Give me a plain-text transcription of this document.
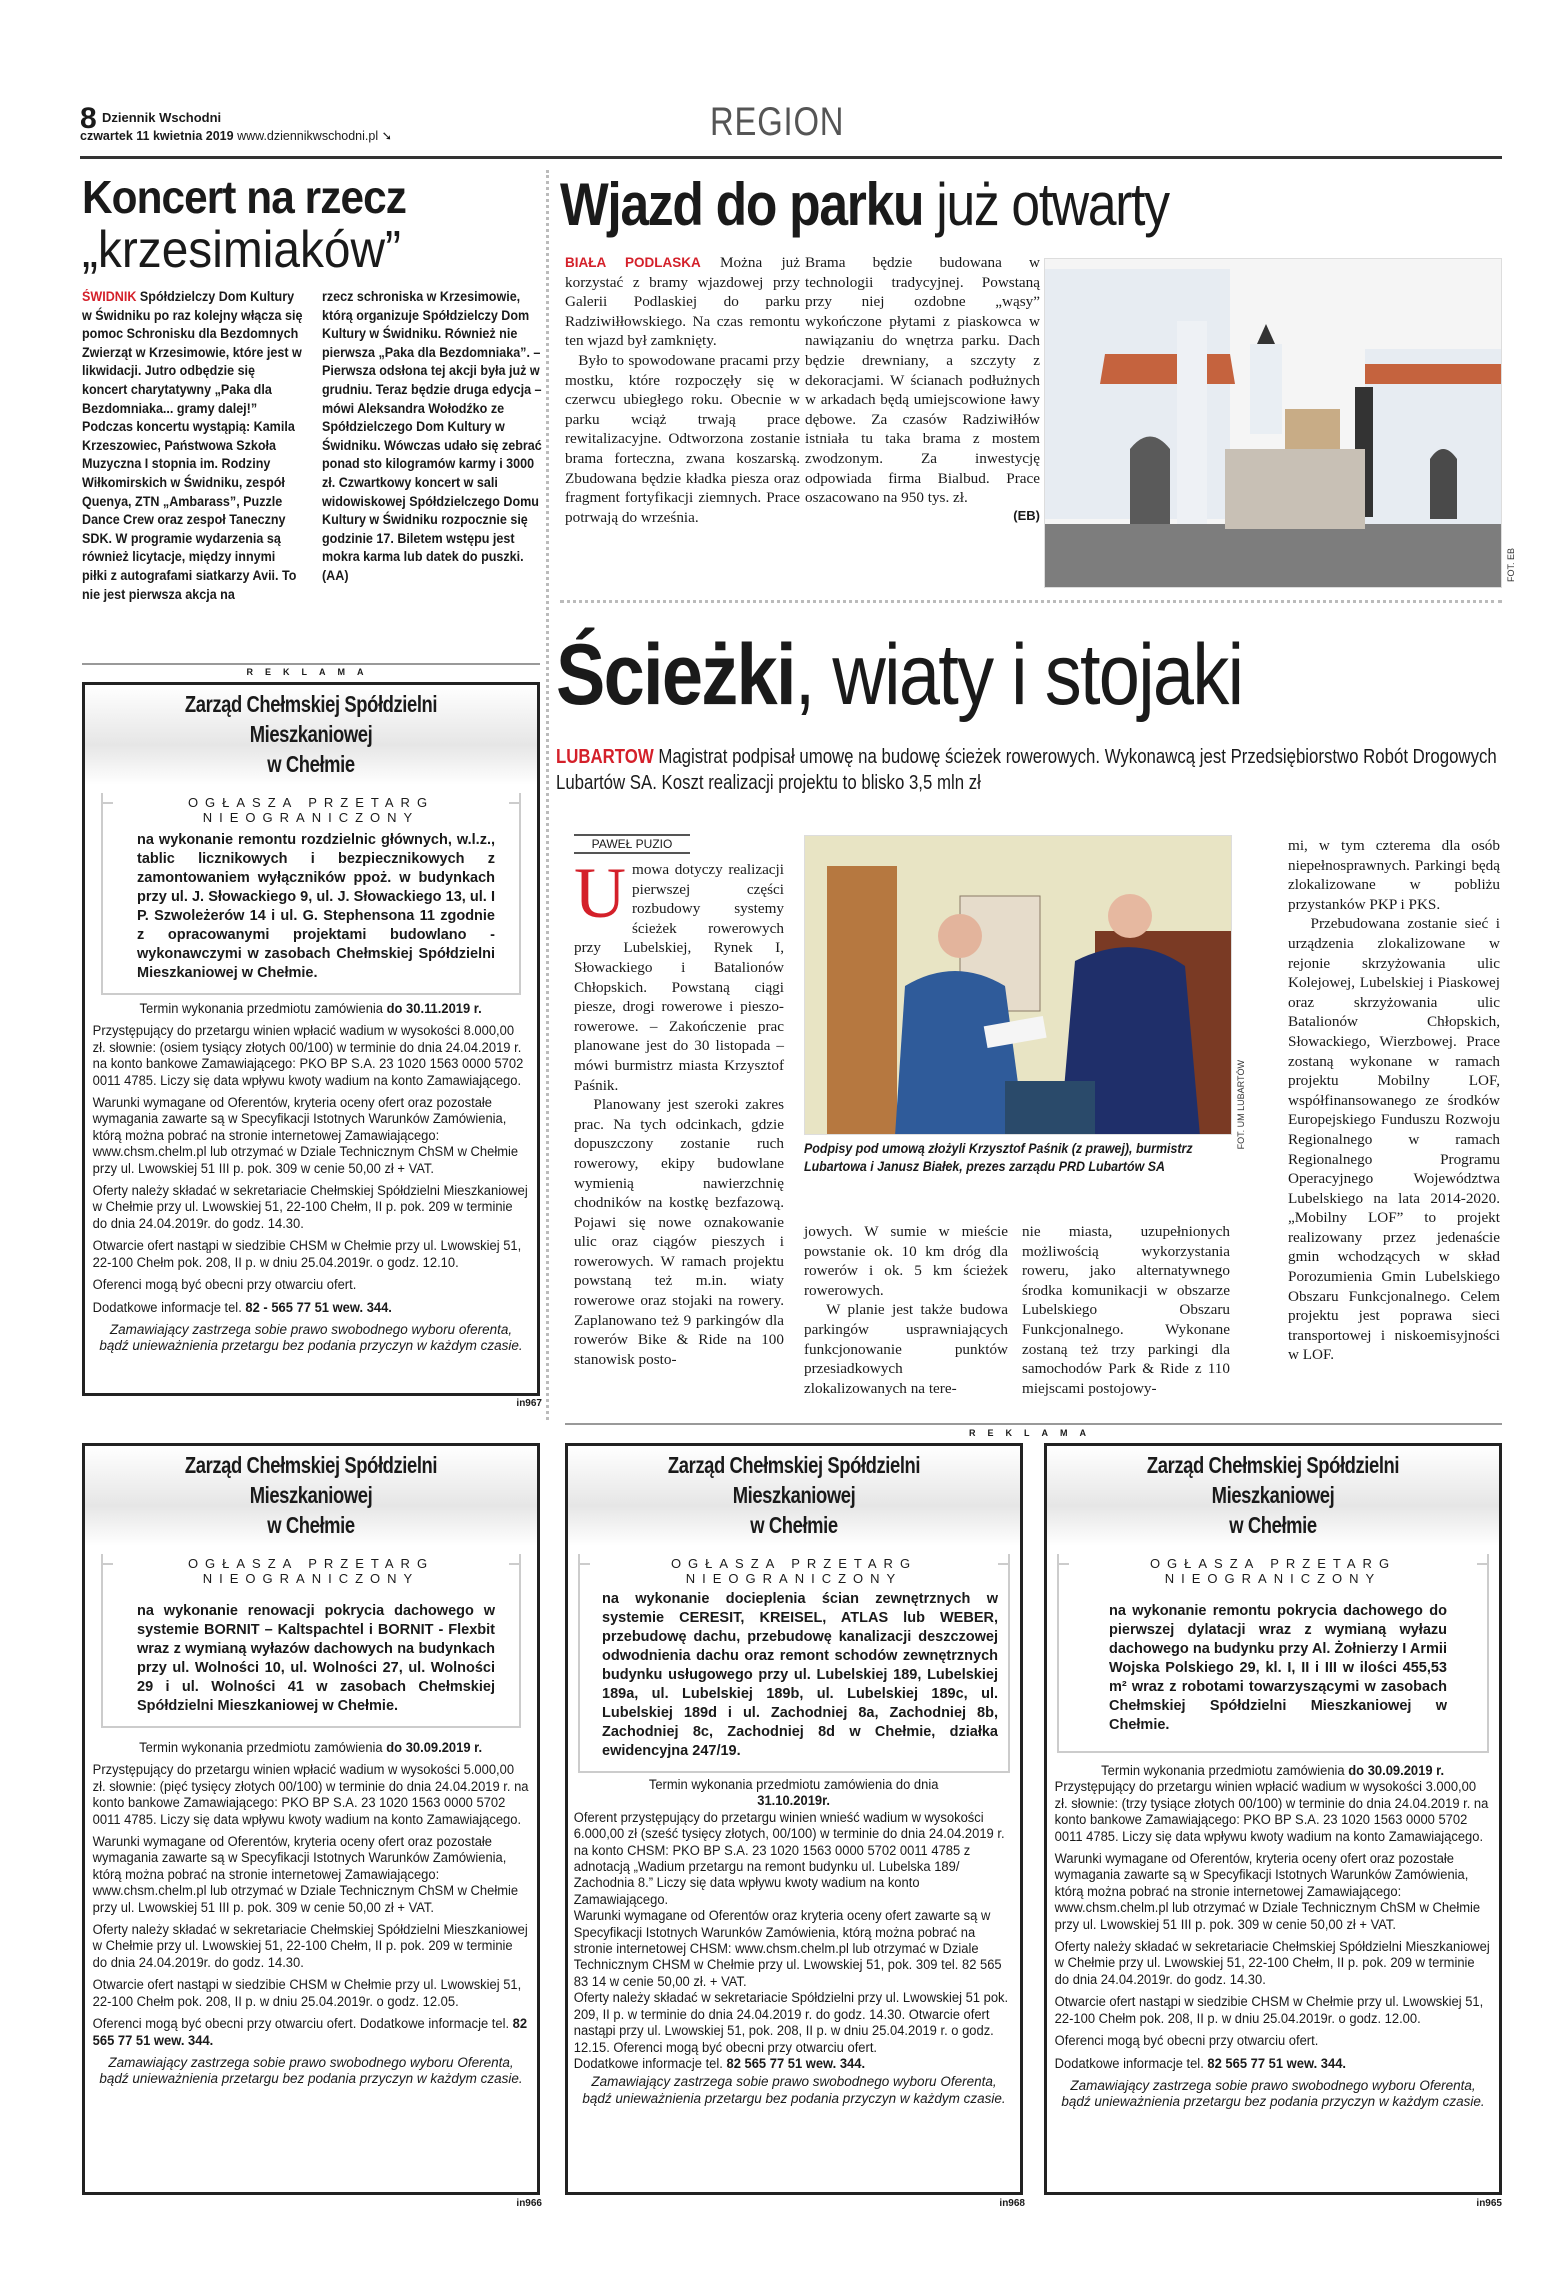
8 Dziennik Wschodni
czwartek 11 kwietnia 2019 www.dziennikwschodni.pl ➘	REGION
Koncert na rzecz
„krzesimiaków”
ŚWIDNIK Spółdzielczy Dom Kultury w Świdniku po raz kolejny włącza się pomoc Schronisku dla Bezdomnych Zwierząt w Krzesimowie, które jest w likwidacji. Jutro odbędzie się koncert charytatywny „Paka dla Bezdomniaka... gramy dalej!” Podczas koncertu wystąpią: Kamila Krzeszowiec, Państwowa Szkoła Muzyczna I stopnia im. Rodziny Wiłkomirskich w Świdniku, zespół Quenya, ZTN „Ambarass”, Puzzle Dance Crew oraz zespoł Taneczny SDK. W programie wydarzenia są również licytacje, między innymi piłki z autografami siatkarzy Avii. To nie jest pierwsza akcja na
rzecz schroniska w Krzesimowie, którą organizuje Spółdzielczy Dom Kultury w Świdniku. Również nie pierwsza „Paka dla Bezdomniaka”. – Pierwsza odsłona tej akcji była już w grudniu. Teraz będzie druga edycja – mówi Aleksandra Wołodźko ze Spółdzielczego Dom Kultury w Świdniku. Wówczas udało się zebrać ponad sto kilogramów karmy i 3000 zł. Czwartkowy koncert w sali widowiskowej Spółdzielczego Domu Kultury w Świdniku rozpocznie się godzinie 17. Biletem wstępu jest mokra karma lub datek do puszki.
(AA)
Wjazd do parku już otwarty
BIAŁA PODLASKA Można już korzystać z bramy wjazdowej przy Galerii Podlaskiej do parku Radziwiłłowskiego. Na czas remontu ten wjazd był zamknięty.
Było to spowodowane pracami przy mostku, które rozpoczęły się w czerwcu ubiegłego roku. Obecnie w parku wciąż trwają prace rewitalizacyjne. Odtworzona zostanie brama forteczna, zwana koszarską. Zbudowana będzie kładka piesza oraz fragment fortyfikacji ziemnych. Prace potrwają do września.
Brama będzie budowana w technologii tradycyjnej. Powstaną przy niej ozdobne „wąsy” wykończone płytami z piaskowca w nawiązaniu do wnętrza parku. Dach będzie drewniany, a szczyty z dekoracjami. W ścianach podłużnych w arkadach będą umiejscowione ławy dębowe. Za czasów Radziwiłłów istniała tu taka brama z mostem zwodzonym. Za inwestycję odpowiada firma Bialbud. Prace oszacowano na 950 tys. zł.
(EB)
FOT. EB
Ścieżki, wiaty i stojaki
LUBARTOW Magistrat podpisał umowę na budowę ścieżek rowerowych. Wykonawcą jest Przedsiębiorstwo Robót Drogowych Lubartów SA. Koszt realizacji projektu to blisko 3,5 mln zł
PAWEŁ PUZIO
Umowa dotyczy realizacji pierwszej części rozbudowy systemy ścieżek rowerowych przy Lubelskiej, Rynek I, Słowackiego i Batalionów Chłopskich. Powstaną ciągi piesze, drogi rowerowe i pieszo-rowerowe. – Zakończenie prac planowane jest do 30 listopada – mówi burmistrz miasta Krzysztof Paśnik.
Planowany jest szeroki zakres prac. Na tych odcinkach, gdzie dopuszczony zostanie ruch rowerowy, ekipy budowlane wymienią nawierzchnię chodników na kostkę bezfazową. Pojawi się nowe oznakowanie ulic oraz ciągów pieszych i rowerowych. W ramach projektu powstaną też m.in. wiaty rowerowe oraz stojaki na rowery. Zaplanowano też 9 parkingów dla rowerów Bike & Ride na 100 stanowisk posto-
FOT. UM LUBARTÓW
Podpisy pod umową złożyli Krzysztof Paśnik (z prawej), burmistrz Lubartowa i Janusz Białek, prezes zarządu PRD Lubartów SA
jowych. W sumie w mieście powstanie ok. 10 km dróg dla rowerów i ok. 5 km ścieżek rowerowych.
W planie jest także budowa parkingów usprawniających funkcjonowanie punktów przesiadkowych zlokalizowanych na tere-
nie miasta, uzupełnionych możliwością wykorzystania roweru, jako alternatywnego środka komunikacji w obszarze Lubelskiego Obszaru Funkcjonalnego. Wykonane zostaną też trzy parkingi dla samochodów Park & Ride z 110 miejscami postojowy-
mi, w tym czterema dla osób niepełnosprawnych. Parkingi będą zlokalizowane w pobliżu przystanków PKP i PKS.
Przebudowana zostanie sieć i urządzenia zlokalizowane w rejonie skrzyżowania ulic Kolejowej, Lubelskiej i Piaskowej oraz skrzyżowania ulic Batalionów Chłopskich, Słowackiego, Wierzbowej. Prace zostaną wykonane w ramach projektu Mobilny LOF, współfinansowanego ze środków Europejskiego Funduszu Rozwoju Regionalnego w ramach Regionalnego Programu Operacyjnego Województwa Lubelskiego na lata 2014-2020. „Mobilny LOF” to projekt realizowany przez jedenaście gmin wchodzących w skład Porozumienia Gmin Lubelskiego Obszaru Funkcjonalnego. Celem projektu jest poprawa sieci transportowej i niskoemisyjności w LOF.
REKLAMA
REKLAMA
Zarząd Chełmskiej Spółdzielni Mieszkaniowej
w Chełmie
OGŁASZA PRZETARG NIEOGRANICZONY
na wykonanie remontu rozdzielnic głównych, w.l.z., tablic licznikowych i bezpiecznikowych z zamontowaniem wyłączników ppoż. w budynkach przy ul. J. Słowackiego 9, ul. J. Słowackiego 13, ul. I P. Szwoleżerów 14 i ul. G. Stephensona 11 zgodnie z opracowanymi projektami budowlano - wykonawczymi w zasobach Chełmskiej Spółdzielni Mieszkaniowej w Chełmie.

Termin wykonania przedmiotu zamówienia do 30.11.2019 r.

Przystępujący do przetargu winien wpłacić wadium w wysokości 8.000,00 zł. słownie: (osiem tysiący złotych 00/100) w terminie do dnia 24.04.2019 r. na konto bankowe Zamawiającego: PKO BP S.A. 23 1020 1563 0000 5702 0011 4785. Liczy się data wpływu kwoty wadium na konto Zamawiającego.

Warunki wymagane od Oferentów, kryteria oceny ofert oraz pozostałe wymagania zawarte są w Specyfikacji Istotnych Warunków Zamówienia, którą można pobrać na stronie internetowej Zamawiającego: www.chsm.chelm.pl lub otrzymać w Dziale Technicznym ChSM w Chełmie przy ul. Lwowskiej 51 III p. pok. 309 w cenie 50,00 zł + VAT.

Oferty należy składać w sekretariacie Chełmskiej Spółdzielni Mieszkaniowej w Chełmie przy ul. Lwowskiej 51, 22-100 Chełm, II p. pok. 209 w terminie do dnia 24.04.2019r. do godz. 14.30.

Otwarcie ofert nastąpi w siedzibie CHSM w Chełmie przy ul. Lwowskiej 51, 22-100 Chełm pok. 208, II p. w dniu 25.04.2019r. o godz. 12.10.

Oferenci mogą być obecni przy otwarciu ofert.

Dodatkowe informacje tel. 82 - 565 77 51 wew. 344.

Zamawiający zastrzega sobie prawo swobodnego wyboru oferenta, bądź unieważnienia przetargu bez podania przyczyn w każdym czasie.
in967
Zarząd Chełmskiej Spółdzielni Mieszkaniowej
w Chełmie
OGŁASZA PRZETARG NIEOGRANICZONY
na wykonanie renowacji pokrycia dachowego w systemie BORNIT – Kaltspachtel i BORNIT - Flexbit wraz z wymianą wyłazów dachowych na budynkach przy ul. Wolności 10, ul. Wolności 27, ul. Wolności 29 i ul. Wolności 41 w zasobach Chełmskiej Spółdzielni Mieszkaniowej w Chełmie.

Termin wykonania przedmiotu zamówienia do 30.09.2019 r.

Przystępujący do przetargu winien wpłacić wadium w wysokości 5.000,00 zł. słownie: (pięć tysięcy złotych 00/100) w terminie do dnia 24.04.2019 r. na konto bankowe Zamawiającego: PKO BP S.A. 23 1020 1563 0000 5702 0011 4785. Liczy się data wpływu kwoty wadium na konto Zamawiającego.

Warunki wymagane od Oferentów, kryteria oceny ofert oraz pozostałe wymagania zawarte są w Specyfikacji Istotnych Warunków Zamówienia, którą można pobrać na stronie internetowej Zamawiającego: www.chsm.chelm.pl lub otrzymać w Dziale Technicznym ChSM w Chełmie przy ul. Lwowskiej 51 III p. pok. 309 w cenie 50,00 zł + VAT.

Oferty należy składać w sekretariacie Chełmskiej Spółdzielni Mieszkaniowej w Chełmie przy ul. Lwowskiej 51, 22-100 Chełm, II p. pok. 209 w terminie do dnia 24.04.2019r. do godz. 14.30.

Otwarcie ofert nastąpi w siedzibie CHSM w Chełmie przy ul. Lwowskiej 51, 22-100 Chełm pok. 208, II p. w dniu 25.04.2019r. o godz. 12.05.

Oferenci mogą być obecni przy otwarciu ofert. Dodatkowe informacje tel. 82 565 77 51 wew. 344.

Zamawiający zastrzega sobie prawo swobodnego wyboru Oferenta, bądź unieważnienia przetargu bez podania przyczyn w każdym czasie.
in966
Zarząd Chełmskiej Spółdzielni Mieszkaniowej
w Chełmie
OGŁASZA PRZETARG NIEOGRANICZONY
na wykonanie docieplenia ścian zewnętrznych w systemie CERESIT, KREISEL, ATLAS lub WEBER, przebudowę dachu, przebudowę kanalizacji deszczowej odwodnienia dachu oraz remont schodów zewnętrznych budynku usługowego przy ul. Lubelskiej 189, Lubelskiej 189a, ul. Lubelskiej 189b, ul. Lubelskiej 189c, ul. Lubelskiej 189d i ul. Zachodniej 8a, Zachodniej 8b, Zachodniej 8c, Zachodniej 8d w Chełmie, działka ewidencyjna 247/19.

Termin wykonania przedmiotu zamówienia do dnia
31.10.2019r.

Oferent przystępujący do przetargu winien wnieść wadium w wysokości 6.000,00 zł (sześć tysięcy złotych, 00/100) w terminie do dnia 24.04.2019 r. na konto CHSM: PKO BP S.A. 23 1020 1563 0000 5702 0011 4785 z adnotacją „Wadium przetargu na remont budynku ul. Lubelska 189/ Zachodnia 8.” Liczy się data wpływu kwoty wadium na konto Zamawiającego.

Warunki wymagane od Oferentów oraz kryteria oceny ofert zawarte są w Specyfikacji Istotnych Warunków Zamówienia, którą można pobrać na stronie internetowej CHSM: www.chsm.chelm.pl lub otrzymać w Dziale Technicznym CHSM w Chełmie przy ul. Lwowskiej 51, pok. 309 tel. 82 565 83 14 w cenie 50,00 zł. + VAT.

Oferty należy składać w sekretariacie Spółdzielni przy ul. Lwowskiej 51 pok. 209, II p. w terminie do dnia 24.04.2019 r. do godz. 14.30. Otwarcie ofert nastąpi przy ul. Lwowskiej 51, pok. 208, II p. w dniu 25.04.2019 r. o godz. 12.15. Oferenci mogą być obecni przy otwarciu ofert.

Dodatkowe informacje tel. 82 565 77 51 wew. 344.

Zamawiający zastrzega sobie prawo swobodnego wyboru Oferenta, bądź unieważnienia przetargu bez podania przyczyn w każdym czasie.
in968
Zarząd Chełmskiej Spółdzielni Mieszkaniowej
w Chełmie
OGŁASZA PRZETARG NIEOGRANICZONY
na wykonanie remontu pokrycia dachowego do pierwszej dylatacji wraz z wymianą wyłazu dachowego na budynku przy Al. Żołnierzy I Armii Wojska Polskiego 29, kl. I, II i III w ilości 455,53 m² wraz z robotami towarzyszącymi w zasobach Chełmskiej Spółdzielni Mieszkaniowej w Chełmie.

Termin wykonania przedmiotu zamówienia do 30.09.2019 r.

Przystępujący do przetargu winien wpłacić wadium w wysokości 3.000,00 zł. słownie: (trzy tysiące złotych 00/100) w terminie do dnia 24.04.2019 r. na konto bankowe Zamawiającego: PKO BP S.A. 23 1020 1563 0000 5702 0011 4785. Liczy się data wpływu kwoty wadium na konto Zamawiającego.

Warunki wymagane od Oferentów, kryteria oceny ofert oraz pozostałe wymagania zawarte są w Specyfikacji Istotnych Warunków Zamówienia, którą można pobrać na stronie internetowej Zamawiającego: www.chsm.chelm.pl lub otrzymać w Dziale Technicznym ChSM w Chełmie przy ul. Lwowskiej 51 III p. pok. 309 w cenie 50,00 zł + VAT.

Oferty należy składać w sekretariacie Chełmskiej Spółdzielni Mieszkaniowej w Chełmie przy ul. Lwowskiej 51, 22-100 Chełm, II p. pok. 209 w terminie do dnia 24.04.2019r. do godz. 14.30.

Otwarcie ofert nastąpi w siedzibie CHSM w Chełmie przy ul. Lwowskiej 51, 22-100 Chełm pok. 208, II p. w dniu 25.04.2019r. o godz. 12.00.

Oferenci mogą być obecni przy otwarciu ofert.

Dodatkowe informacje tel. 82 565 77 51 wew. 344.

Zamawiający zastrzega sobie prawo swobodnego wyboru Oferenta, bądź unieważnienia przetargu bez podania przyczyn w każdym czasie.
in965
